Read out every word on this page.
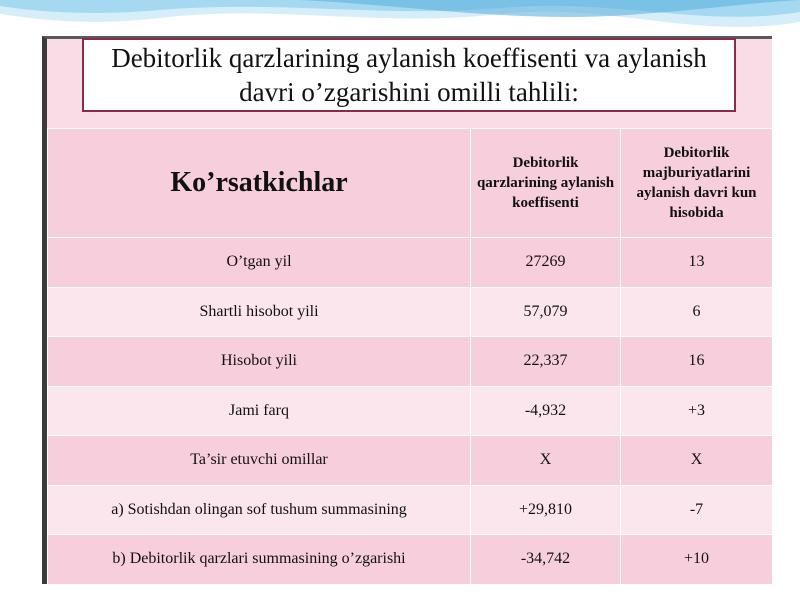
Debitorlik qarzlarining aylanish koeffisenti va aylanish davri o’zgarishini omilli tahlili:
Ko’rsatkichlar	Debitorlik qarzlarining aylanish koeffisenti	Debitorlik majburiyatlarini aylanish davri kun hisobida
O’tgan yil	27269	13
Shartli hisobot yili	57,079	6
Hisobot yili	22,337	16
Jami farq	-4,932	+3
Ta’sir etuvchi omillar	X	X
a) Sotishdan olingan sof tushum summasining	+29,810	-7
b) Debitorlik qarzlari summasining o’zgarishi	-34,742	+10
